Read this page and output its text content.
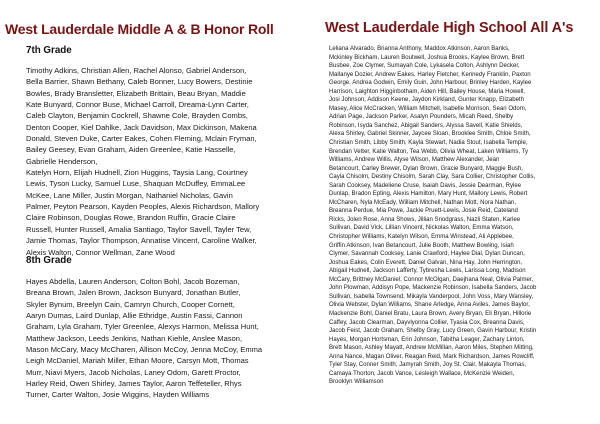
West Lauderdale Middle A & B Honor Roll
7th Grade
Timothy Adkins, Christian Allen, Rachel Alonso, Gabriel Anderson,
Bella Barrier, Shawn Bethany, Caleb Bonner, Lucy Bowers, Destinie
Bowles, Brady Bransletter, Elizabeth Brittain, Beau Bryan, Maddie
Kate Bunyard, Connor Buse, Michael Carroll, Dreama-Lynn Carter,
Caleb Clayton, Benjamin Cockrell, Shawne Cole, Brayden Combs,
Denton Cooper, Kiel Dahlke, Jack Davidson, Max Dickinson, Makena
Donald, Steven Duke, Carter Eakes, Cohen Fleming, Mclain Fryman,
Bailey Geesey, Evan Graham, Aiden Greenlee, Katie Hasselle,
Gabrielle Henderson,
Katelyn Horn, Elijah Hudnell, Zion Huggins, Taysia Lang, Courtney
Lewis, Tyson Lucky, Samuel Luse, Shaquan McDuffey, EmmaLee
McKee, Lane Miller, Justin Morgan, Nathaniel Nicholas, Gavin
Palmer, Peyton Pearson, Kayden Peoples, Alexis Richardson, Mallory
Claire Robinson, Douglas Rowe, Brandon Ruffin, Gracie Claire
Russell, Hunter Russell, Amalia Santiago, Taylor Savell, Tayler Tew,
Jamie Thomas, Taylor Thompson, Annatise Vincent, Caroline Walker,
Alexis Walton, Connor Wellman, Zane Wood
8th Grade
Hayes Abdella, Lauren Anderson, Colton Bohl, Jacob Bozeman,
Breana Brown, Jalen Brown, Jackson Bunyard, Jonathan Butler,
Skyler Bynum, Breelyn Cain, Camryn Church, Cooper Cornett,
Aaryn Dumas, Laird Dunlap, Allie Ethridge, Austin Fassi, Cannon
Graham, Lyla Graham, Tyler Greenlee, Alexys Harmon, Melissa Hunt,
Matthew Jackson, Leeds Jenkins, Nathan Kiehle, Anslee Mason,
Mason McCary, Macy McCharen, Allison McCoy, Jenna McCoy, Emma
Leigh McDaniel, Mariah Miller, Ethan Moore, Carsyn Mott, Thomas
Murr, Niavi Myers, Jacob Nicholas, Laney Odom, Garett Proctor,
Harley Reid, Owen Shirley, James Taylor, Aaron Teffeteller, Rhys
Turner, Carter Walton, Josie Wiggins, Hayden Williams
West Lauderdale High School All A's
Leliana Alvarado, Brianna Anthony, Maddox Atkinson, Aaron Banks,
Mckinley Bickham, Lauren Boutwell, Joshua Brooks, Kaylee Brown, Brett
Busbee, Zoe Clymer, Sumayah Cole, Lykasela Colton, Ashlynn Decker,
Mallanye Dozier, Andrew Eakes, Harley Fletcher, Kennedy Franklin, Paxton
George, Andrea Godwin, Emily Guin, John Harbour, Brinley Harden, Kaylee
Harrison, Laighton Higginbotham, Aiden Hill, Bailey House, Maria Howell,
Josi Johnson, Addison Keene, Jaydon Kirkland, Gunter Knapp, Elizabeth
Masey, Alice McCracken, William Mitchell, Isabelle Morrison, Sean Odom,
Adrian Page, Jackson Parker, Asalyn Pounders, Micah Reed, Shelby
Robinson, Isyda Sanchez, Abigail Sanders, Alyssa Savell, Katie Shields,
Alexa Shirley, Gabriel Skinner, Jaycee Sloan, Brooklee Smith, Chloe Smith,
Christian Smith, Libby Smith, Kayla Stewart, Nadia Stout, Isabella Temple,
Brendan Vetter, Katie Walton, Tea Webb, Olivia Wheat, Laken Williams, Ty
Williams, Andrew Willis, Alyse Wilson, Matthew Alexander, Jean
Betancourt, Carley Brewer, Dylan Brown, Gracie Bunyard, Maggie Bush,
Cayla Chisolm, Destiny Chisolm, Sarah Clay, Sara Collier, Christopher Collis,
Sarah Cooksey, Madeliene Cruse, Isaiah Davis, Jessie Dearman, Rylee
Dunlap, Bradon Epting, Alexis Hamilton, Mary Hunt, Mallory Lewis, Robert
McCharen, Nyla McEady, William Mitchell, Nathan Mott, Nora Nathan,
Breanna Perdue, Mia Powe, Jackie Pruett-Lewis, Josie Reid, Cateland
Ricks, Jolen Rose, Anna Shows, Jillian Snodgrass, Nazli Staten, Karlee
Sullivan, David Vick, Lillian Vincent, Nickolas Walton, Emma Watson,
Christopher Williams, Katelyn Wilson, Emma Winstead, Ali Applebee,
Griffin Atkinson, Ivan Betancourt, Julie Booth, Matthew Bowling, Isiah
Clymer, Savannah Cooksey, Lanie Crawford, Haylee Dial, Dylan Duncan,
Joshua Eakes, Colin Everett, Daniel Galvan, Nina Hay, John Herrington,
Abigail Hudnell, Jackson Lafferty, Tybresha Lewis, Larissa Long, Madison
McCary, Brittney McDaniel, Connor McOlgan, Daejhana Neal, Olivia Palmer,
John Plowman, Addisyn Pope, Mackenzie Robinson, Isabella Sanders, Jacob
Sullivan, Isabella Townsend, Mikayla Vanderpool, John Voss, Mary Wansley,
Olivia Webster, Dylan Williams, Shane Arledge, Anna Aviles, James Baylor,
Mackenzie Bohl, Daniel Bratu, Laura Brown, Avery Bryan, Eli Bryan, Hillorie
Caffey, Jacob Clearman, Dayvlyonna Collier, Tyasia Cox, Breanna Davis,
Jacob Feist, Jacob Graham, Shelby Gray, Lucy Green, Gavin Harbour, Kristin
Hayes, Morgan Hortsman, Erin Johnson, Tabitha Leager, Zachary Linton,
Brett Mason, Ashley Mayatt, Andrew McMillan, Aaron Miles, Stephen Mitting,
Anna Nance, Magan Oliver, Reagan Reid, Mark Richardson, James Rowcliff,
Tyler Stay, Conner Smith, Jamyrah Smith, Joy St. Clair, Makayla Thomas,
Camaya Thorton, Jacob Vance, Lesleigh Wallace, McKenzie Weiden,
Brooklyn Williamson
